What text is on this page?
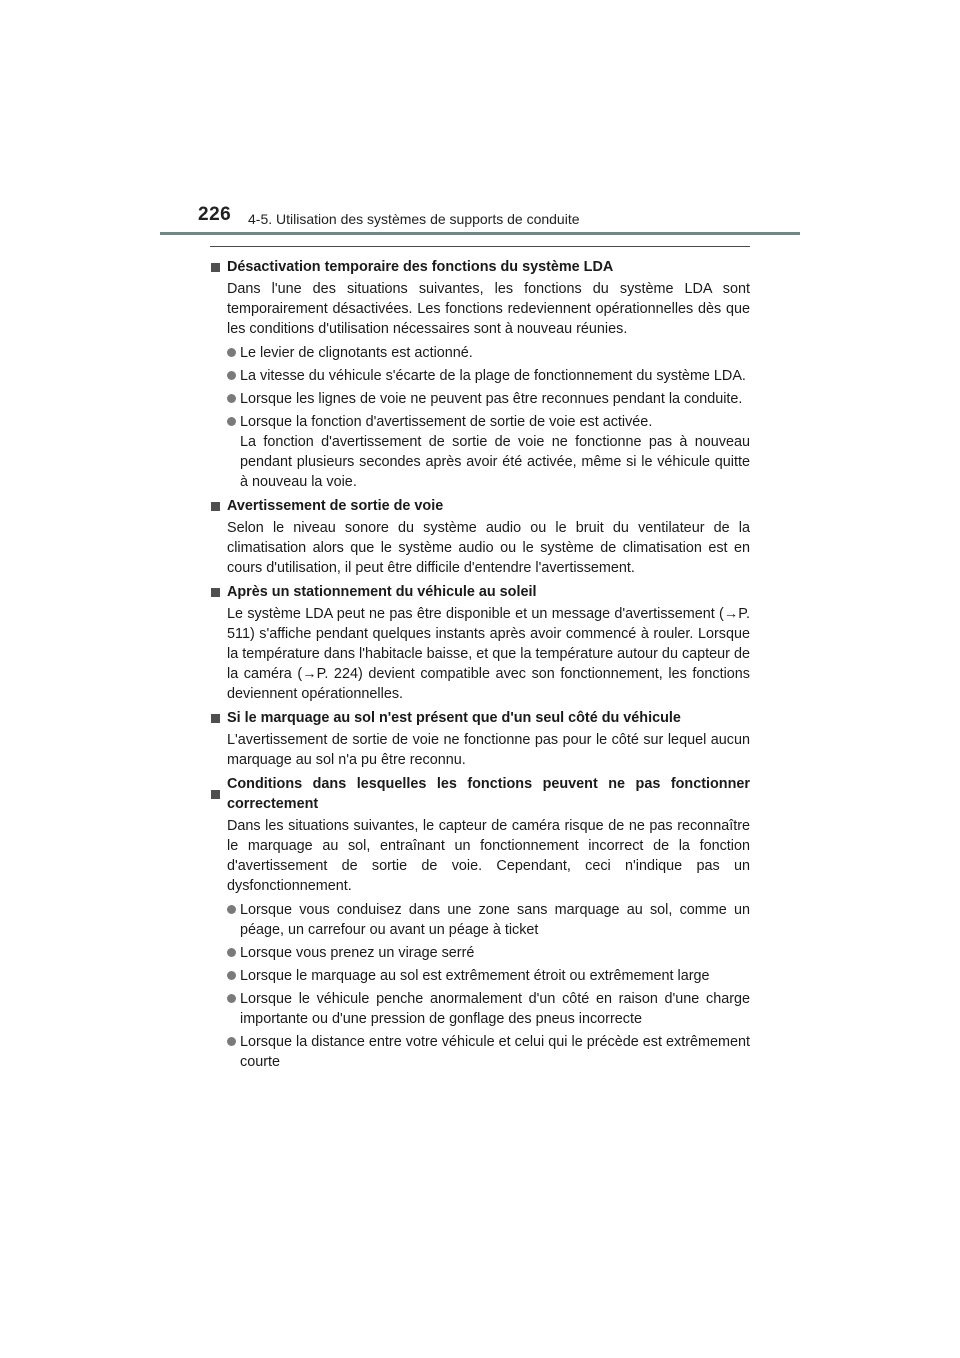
226 4-5. Utilisation des systèmes de supports de conduite
Désactivation temporaire des fonctions du système LDA
Dans l'une des situations suivantes, les fonctions du système LDA sont temporairement désactivées. Les fonctions redeviennent opérationnelles dès que les conditions d'utilisation nécessaires sont à nouveau réunies.
Le levier de clignotants est actionné.
La vitesse du véhicule s'écarte de la plage de fonctionnement du système LDA.
Lorsque les lignes de voie ne peuvent pas être reconnues pendant la conduite.
Lorsque la fonction d'avertissement de sortie de voie est activée.
La fonction d'avertissement de sortie de voie ne fonctionne pas à nouveau pendant plusieurs secondes après avoir été activée, même si le véhicule quitte à nouveau la voie.
Avertissement de sortie de voie
Selon le niveau sonore du système audio ou le bruit du ventilateur de la climatisation alors que le système audio ou le système de climatisation est en cours d'utilisation, il peut être difficile d'entendre l'avertissement.
Après un stationnement du véhicule au soleil
Le système LDA peut ne pas être disponible et un message d'avertissement (→P. 511) s'affiche pendant quelques instants après avoir commencé à rouler. Lorsque la température dans l'habitacle baisse, et que la température autour du capteur de la caméra (→P. 224) devient compatible avec son fonctionnement, les fonctions deviennent opérationnelles.
Si le marquage au sol n'est présent que d'un seul côté du véhicule
L'avertissement de sortie de voie ne fonctionne pas pour le côté sur lequel aucun marquage au sol n'a pu être reconnu.
Conditions dans lesquelles les fonctions peuvent ne pas fonctionner correctement
Dans les situations suivantes, le capteur de caméra risque de ne pas reconnaître le marquage au sol, entraînant un fonctionnement incorrect de la fonction d'avertissement de sortie de voie. Cependant, ceci n'indique pas un dysfonctionnement.
Lorsque vous conduisez dans une zone sans marquage au sol, comme un péage, un carrefour ou avant un péage à ticket
Lorsque vous prenez un virage serré
Lorsque le marquage au sol est extrêmement étroit ou extrêmement large
Lorsque le véhicule penche anormalement d'un côté en raison d'une charge importante ou d'une pression de gonflage des pneus incorrecte
Lorsque la distance entre votre véhicule et celui qui le précède est extrêmement courte
